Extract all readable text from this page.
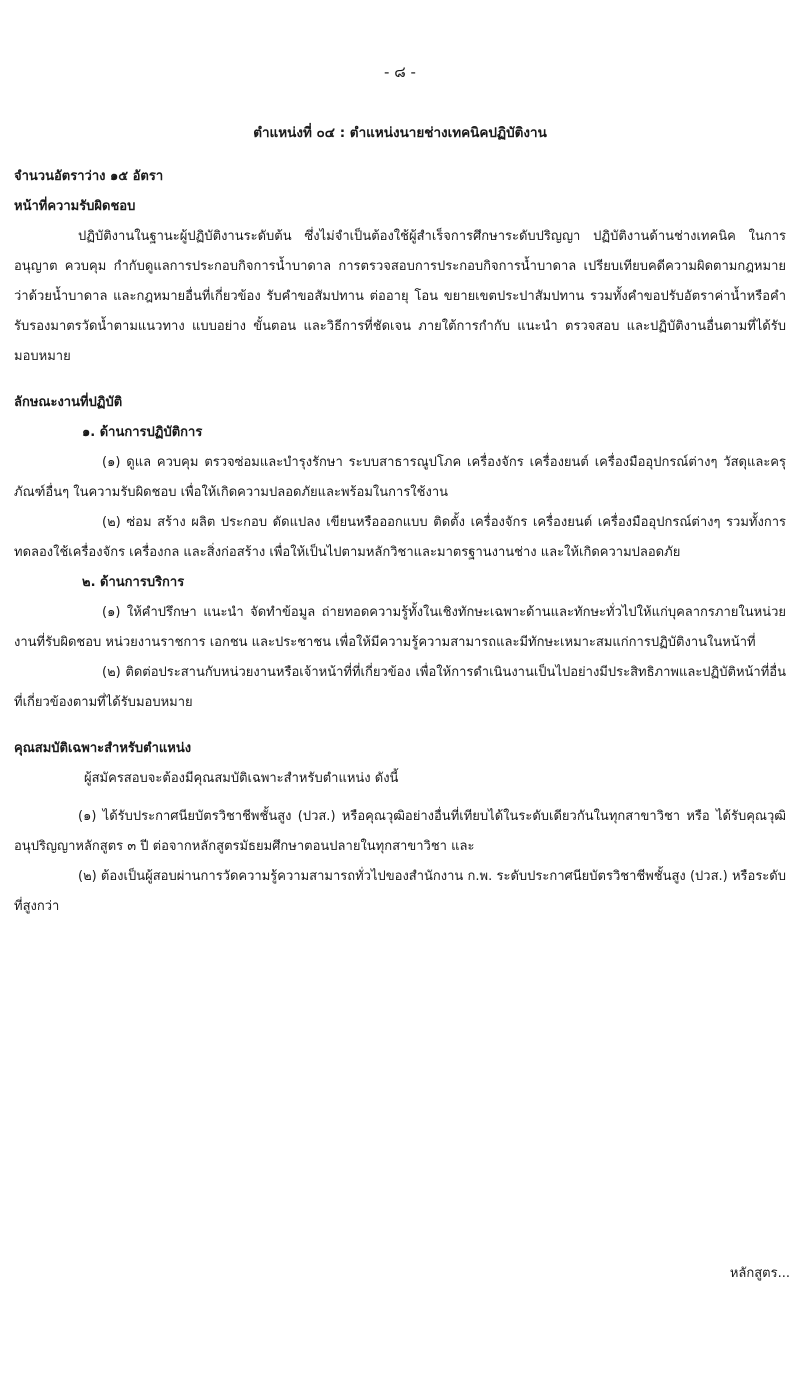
- ๘ -
ตำแหน่งที่ ๐๔ : ตำแหน่งนายช่างเทคนิคปฏิบัติงาน
จำนวนอัตราว่าง ๑๕ อัตรา
หน้าที่ความรับผิดชอบ

ปฏิบัติงานในฐานะผู้ปฏิบัติงานระดับต้น ซึ่งไม่จำเป็นต้องใช้ผู้สำเร็จการศึกษาระดับปริญญา ปฏิบัติงานด้านช่างเทคนิค ในการอนุญาต ควบคุม กำกับดูแลการประกอบกิจการน้ำบาดาล การตรวจสอบการประกอบกิจการน้ำบาดาล เปรียบเทียบคดีความผิดตามกฎหมายว่าด้วยน้ำบาดาล และกฎหมายอื่นที่เกี่ยวข้อง รับคำขอสัมปทาน ต่ออายุ โอน ขยายเขตประปาสัมปทาน รวมทั้งคำขอปรับอัตราค่าน้ำหรือคำรับรองมาตรวัดน้ำตามแนวทาง แบบอย่าง ขั้นตอน และวิธีการที่ชัดเจน ภายใต้การกำกับ แนะนำ ตรวจสอบ และปฏิบัติงานอื่นตามที่ได้รับมอบหมาย

ลักษณะงานที่ปฏิบัติ
๑. ด้านการปฏิบัติการ

(๑) ดูแล ควบคุม ตรวจซ่อมและบำรุงรักษา ระบบสาธารณูปโภค เครื่องจักร เครื่องยนต์ เครื่องมืออุปกรณ์ต่างๆ วัสดุและครุภัณฑ์อื่นๆ ในความรับผิดชอบ เพื่อให้เกิดความปลอดภัยและพร้อมในการใช้งาน

(๒) ซ่อม สร้าง ผลิต ประกอบ ดัดแปลง เขียนหรือออกแบบ ติดตั้ง เครื่องจักร เครื่องยนต์ เครื่องมืออุปกรณ์ต่างๆ รวมทั้งการทดลองใช้เครื่องจักร เครื่องกล และสิ่งก่อสร้าง เพื่อให้เป็นไปตามหลักวิชาและมาตรฐานงานช่าง และให้เกิดความปลอดภัย

๒. ด้านการบริการ

(๑) ให้คำปรึกษา แนะนำ จัดทำข้อมูล ถ่ายทอดความรู้ทั้งในเชิงทักษะเฉพาะด้านและทักษะทั่วไปให้แก่บุคลากรภายในหน่วยงานที่รับผิดชอบ หน่วยงานราชการ เอกชน และประชาชน เพื่อให้มีความรู้ความสามารถและมีทักษะเหมาะสมแก่การปฏิบัติงานในหน้าที่

(๒) ติดต่อประสานกับหน่วยงานหรือเจ้าหน้าที่ที่เกี่ยวข้อง เพื่อให้การดำเนินงานเป็นไปอย่างมีประสิทธิภาพและปฏิบัติหน้าที่อื่นที่เกี่ยวข้องตามที่ได้รับมอบหมาย

คุณสมบัติเฉพาะสำหรับตำแหน่ง
ผู้สมัครสอบจะต้องมีคุณสมบัติเฉพาะสำหรับตำแหน่ง ดังนี้

(๑) ได้รับประกาศนียบัตรวิชาชีพชั้นสูง (ปวส.) หรือคุณวุฒิอย่างอื่นที่เทียบได้ในระดับเดียวกันในทุกสาขาวิชา หรือ ได้รับคุณวุฒิอนุปริญญาหลักสูตร ๓ ปี ต่อจากหลักสูตรมัธยมศึกษาตอนปลายในทุกสาขาวิชา และ

(๒) ต้องเป็นผู้สอบผ่านการวัดความรู้ความสามารถทั่วไปของสำนักงาน ก.พ. ระดับประกาศนียบัตรวิชาชีพชั้นสูง (ปวส.) หรือระดับที่สูงกว่า

หลักสูตร...
